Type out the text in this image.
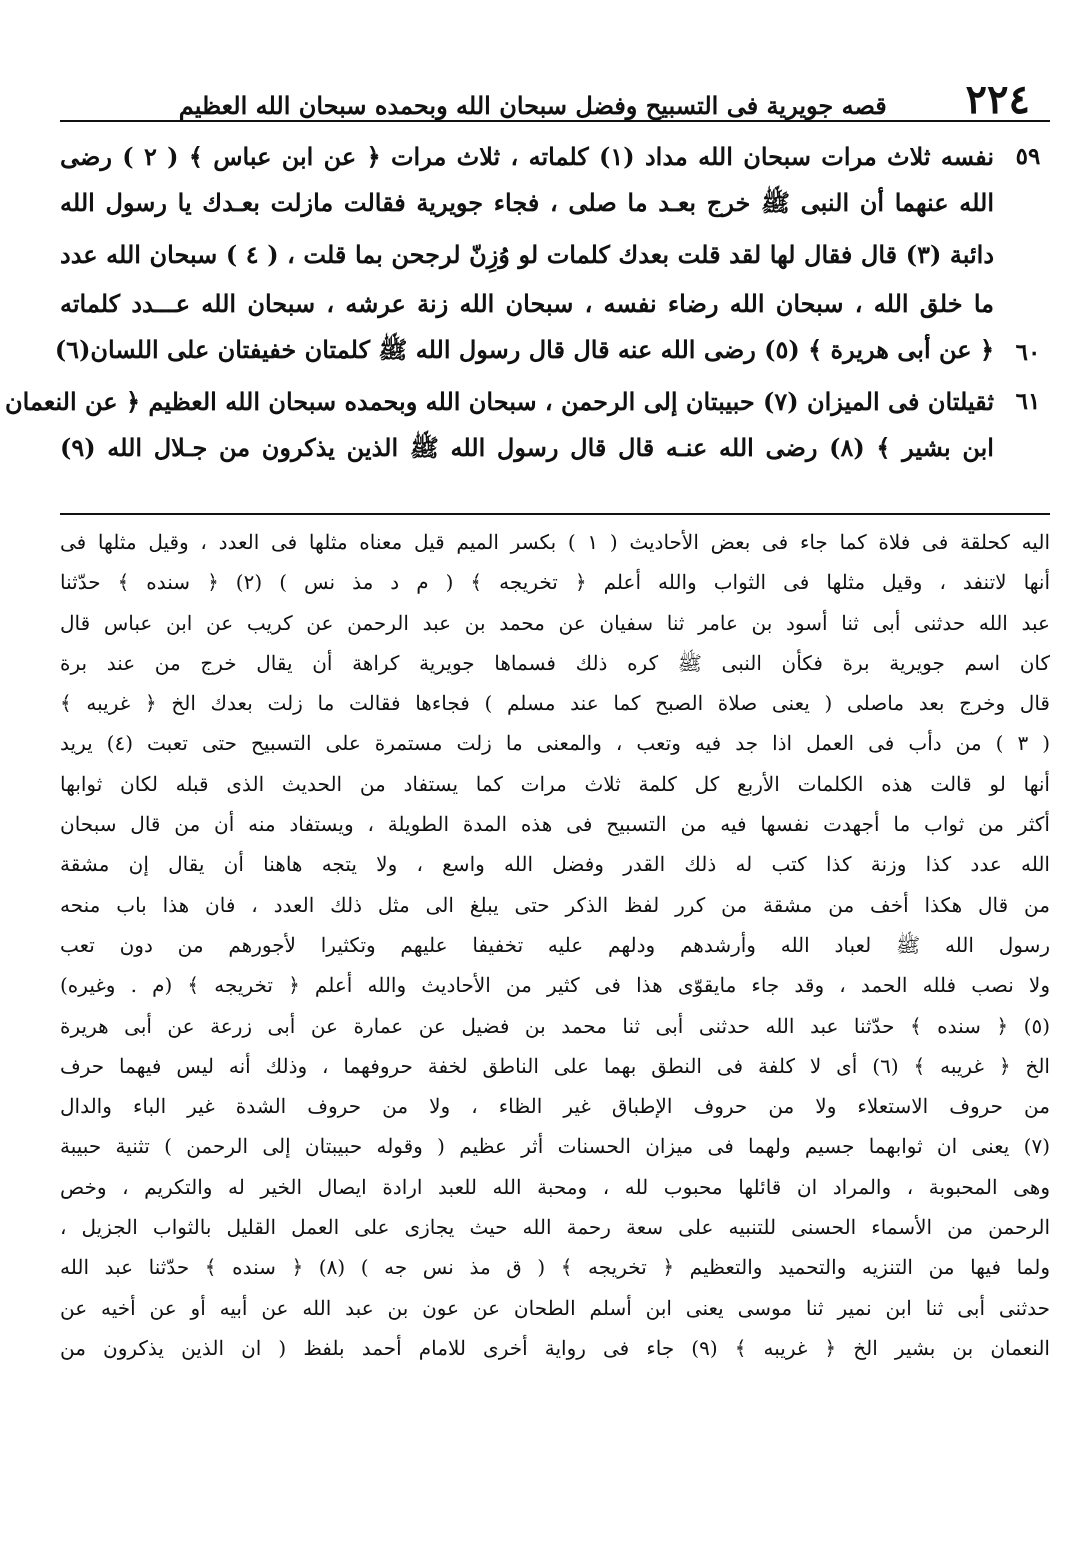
٢٢٤
قصه جويرية فى التسبيح وفضل سبحان الله وبحمده سبحان الله العظيم
٥٩
نفسه ثلاث مرات سبحان الله مداد (١) كلماته ، ثلاث مرات ﴿ عن ابن عباس ﴾ ( ٢ ) رضى
الله عنهما أن النبى ﷺ خرج بعـد ما صلى ، فجاء جويرية فقالت مازلت بعـدك يا رسول الله
دائبة (٣) قال فقال لها لقد قلت بعدك كلمات لو وُزِنّ لرجحن بما قلت ، ( ٤ ) سبحان الله عدد
ما خلق الله ، سبحان الله رضاء نفسه ، سبحان الله زنة عرشه ، سبحان الله عـــدد كلماته
٦٠
﴿ عن أبى هريرة ﴾ (٥) رضى الله عنه قال قال رسول الله ﷺ كلمتان خفيفتان على اللسان(٦)
٦١
ثقيلتان فى الميزان (٧) حبيبتان إلى الرحمن ، سبحان الله وبحمده سبحان الله العظيم ﴿ عن النعمان
ابن بشير ﴾ (٨) رضى الله عنـه قال قال رسول الله ﷺ الذين يذكرون من جـلال الله (٩)
اليه كحلقة فى فلاة كما جاء فى بعض الأحاديث ( ١ ) بكسر الميم قيل معناه مثلها فى العدد ، وقيل مثلها فى
أنها لاتنفد ، وقيل مثلها فى الثواب والله أعلم ﴿ تخريجه ﴾ ( م د مذ نس ) (٢) ﴿ سنده ﴾ حدّثنا
عبد الله حدثنى أبى ثنا أسود بن عامر ثنا سفيان عن محمد بن عبد الرحمن عن كريب عن ابن عباس قال
كان اسم جويرية برة فكأن النبى ﷺ كره ذلك فسماها جويرية كراهة أن يقال خرج من عند برة
قال وخرج بعد ماصلى ( يعنى صلاة الصبح كما عند مسلم ) فجاءها فقالت ما زلت بعدك الخ ﴿ غريبه ﴾
( ٣ ) من دأب فى العمل اذا جد فيه وتعب ، والمعنى ما زلت مستمرة على التسبيح حتى تعبت (٤) يريد
أنها لو قالت هذه الكلمات الأربع كل كلمة ثلاث مرات كما يستفاد من الحديث الذى قبله لكان ثوابها
أكثر من ثواب ما أجهدت نفسها فيه من التسبيح فى هذه المدة الطويلة ، ويستفاد منه أن من قال سبحان
الله عدد كذا وزنة كذا كتب له ذلك القدر وفضل الله واسع ، ولا يتجه هاهنا أن يقال إن مشقة
من قال هكذا أخف من مشقة من كرر لفظ الذكر حتى يبلغ الى مثل ذلك العدد ، فان هذا باب منحه
رسول الله ﷺ لعباد الله وأرشدهم ودلهم عليه تخفيفا عليهم وتكثيرا لأجورهم من دون تعب
ولا نصب فلله الحمد ، وقد جاء مايقوّى هذا فى كثير من الأحاديث والله أعلم ﴿ تخريجه ﴾ (م . وغيره)
(٥) ﴿ سنده ﴾ حدّثنا عبد الله حدثنى أبى ثنا محمد بن فضيل عن عمارة عن أبى زرعة عن أبى هريرة
الخ ﴿ غريبه ﴾ (٦) أى لا كلفة فى النطق بهما على الناطق لخفة حروفهما ، وذلك أنه ليس فيهما حرف
من حروف الاستعلاء ولا من حروف الإطباق غير الظاء ، ولا من حروف الشدة غير الباء والدال
(٧) يعنى ان ثوابهما جسيم ولهما فى ميزان الحسنات أثر عظيم ( وقوله حبيبتان إلى الرحمن ) تثنية حبيبة
وهى المحبوبة ، والمراد ان قائلها محبوب لله ، ومحبة الله للعبد ارادة ايصال الخير له والتكريم ، وخص
الرحمن من الأسماء الحسنى للتنبيه على سعة رحمة الله حيث يجازى على العمل القليل بالثواب الجزيل ،
ولما فيها من التنزيه والتحميد والتعظيم ﴿ تخريجه ﴾ ( ق مذ نس جه ) (٨) ﴿ سنده ﴾ حدّثنا عبد الله
حدثنى أبى ثنا ابن نمير ثنا موسى يعنى ابن أسلم الطحان عن عون بن عبد الله عن أبيه أو عن أخيه عن
النعمان بن بشير الخ ﴿ غريبه ﴾ (٩) جاء فى رواية أخرى للامام أحمد بلفظ ( ان الذين يذكرون من
